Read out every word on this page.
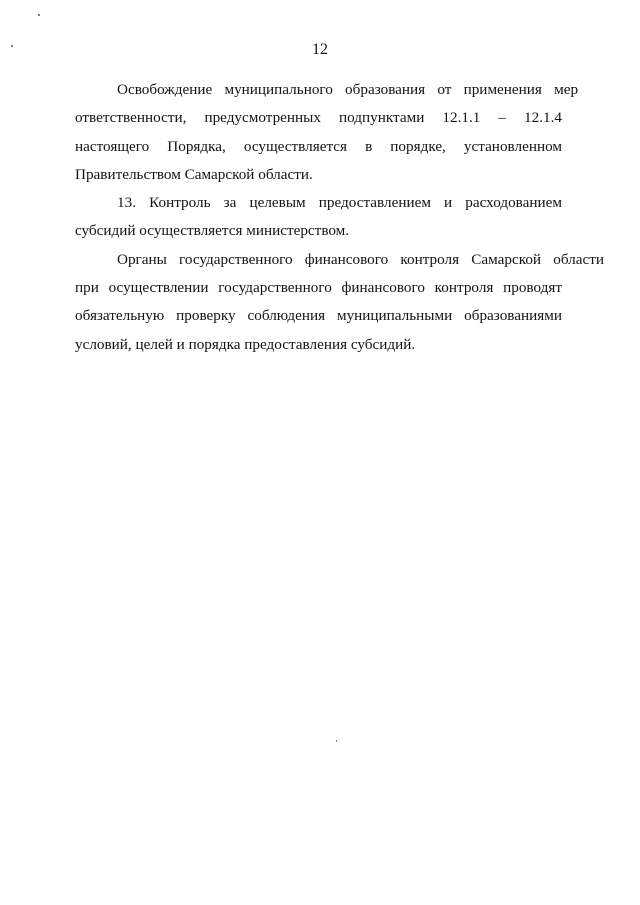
12

Освобождение муниципального образования от применения мер
ответственности, предусмотренных подпунктами 12.1.1 – 12.1.4
настоящего Порядка, осуществляется в порядке, установленном
Правительством Самарской области.

13. Контроль за целевым предоставлением и расходованием
субсидий осуществляется министерством.

Органы государственного финансового контроля Самарской области
при осуществлении государственного финансового контроля проводят
обязательную проверку соблюдения муниципальными образованиями
условий, целей и порядка предоставления субсидий.
